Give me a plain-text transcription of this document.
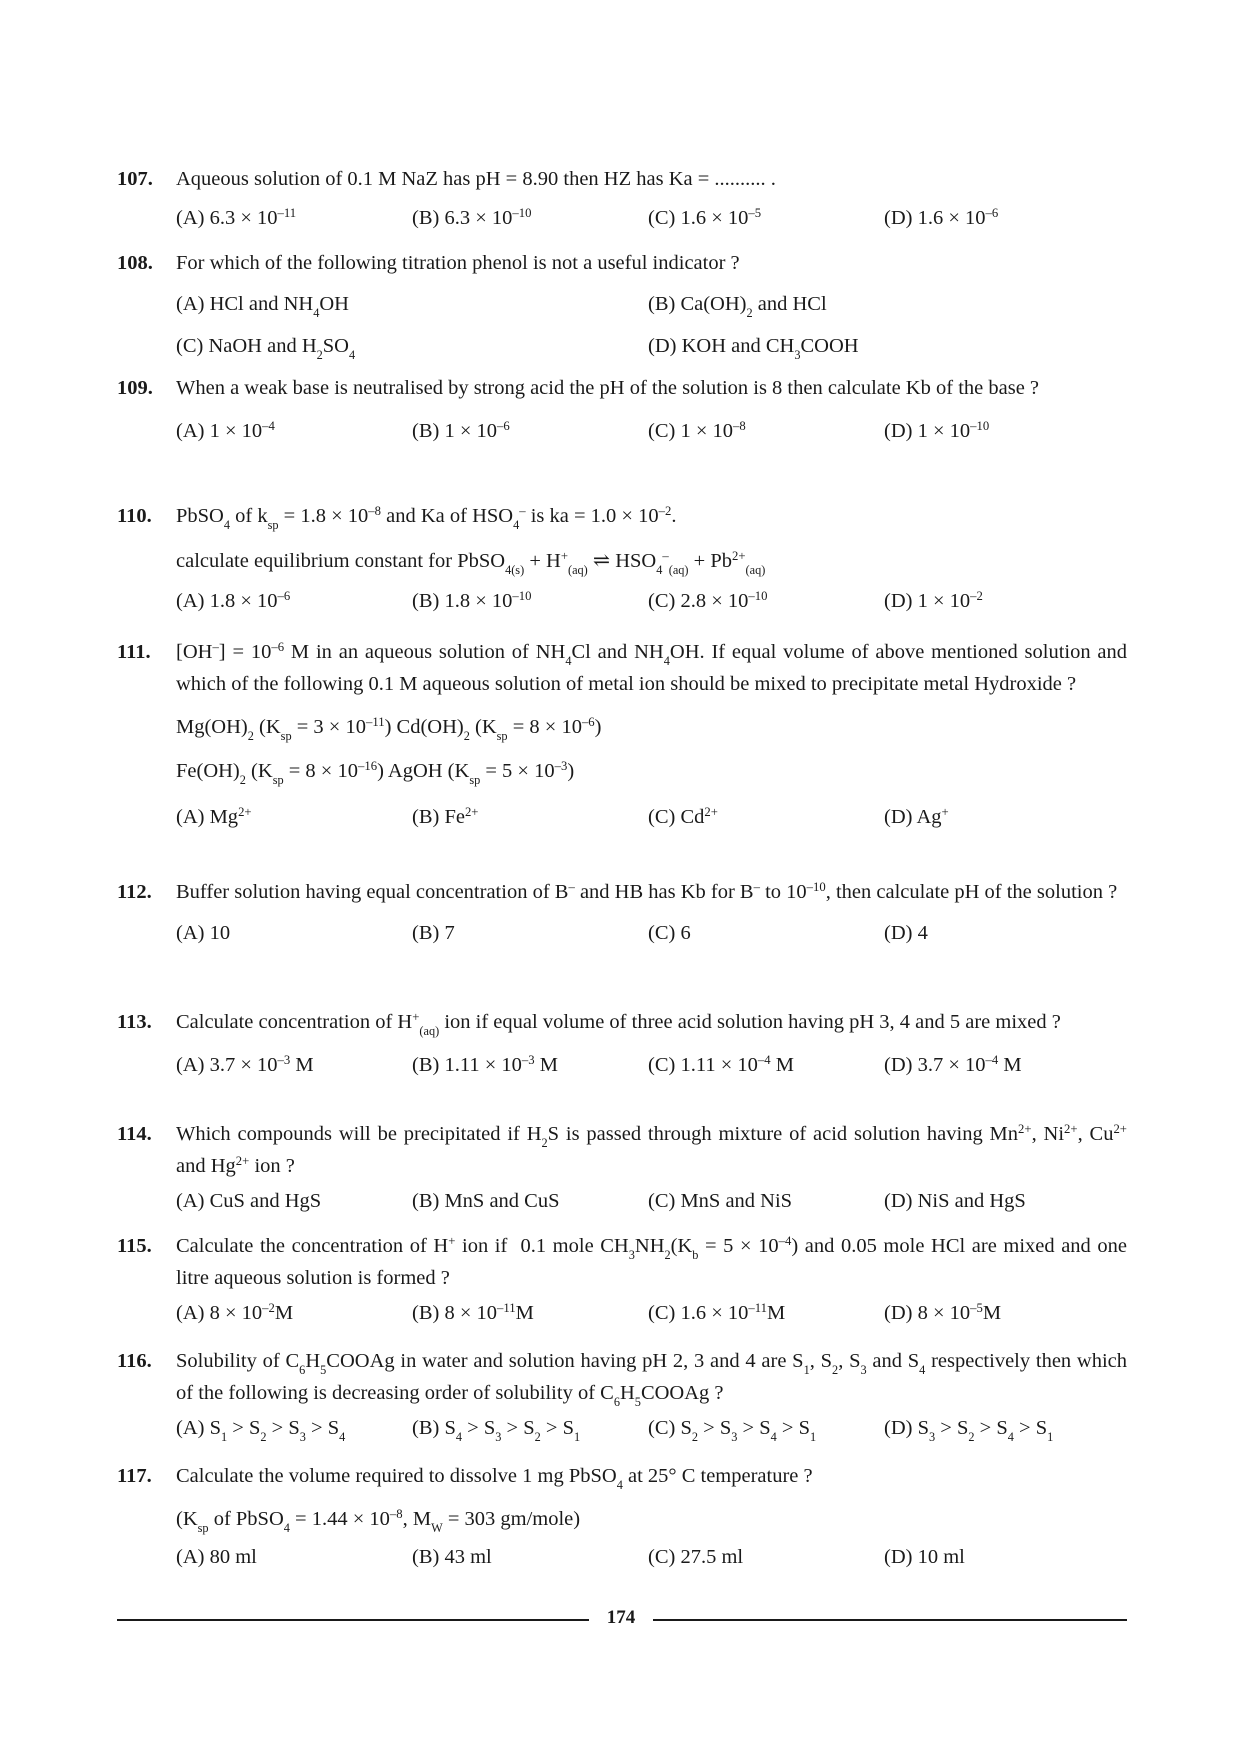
107. Aqueous solution of 0.1 M NaZ has pH = 8.90 then HZ has Ka = .......... .
(A) $6.3 \times 10^{-11}$	(B) $6.3 \times 10^{-10}$	(C) $1.6 \times 10^{-5}$	(D) $1.6 \times 10^{-6}$
108. For which of the following titration phenol is not a useful indicator ?
(A) HCl and $NH_4OH$	(B) $Ca(OH)_2$ and HCl
(C) NaOH and $H_2SO_4$	(D) KOH and $CH_3COOH$
109. When a weak base is neutralised by strong acid the pH of the solution is 8 then calculate Kb of the base ?
(A) $1 \times 10^{-4}$	(B) $1 \times 10^{-6}$	(C) $1 \times 10^{-8}$	(D) $1 \times 10^{-10}$
110. PbSO$_4$ of $k_{sp} = 1.8 \times 10^{-8}$ and Ka of $HSO_4^-$ is ka = $1.0 \times 10^{-2}$.
calculate equilibrium constant for PbSO$_{4(s)}$ + $H^+_{(aq)}$ ⇌ $HSO_4^-_{(aq)} + Pb^{2+}_{(aq)}$
(A) $1.8 \times 10^{-6}$	(B) $1.8 \times 10^{-10}$	(C) $2.8 \times 10^{-10}$	(D) $1 \times 10^{-2}$
111. $[OH^-] = 10^{-6}$ M in an aqueous solution of $NH_4Cl$ and $NH_4OH$. If equal volume of above mentioned solution and which of the following 0.1 M aqueous solution of metal ion should be mixed to precipitate metal Hydroxide ?
$Mg(OH)_2$ $(K_{sp} = 3 \times 10^{-11})$ $Cd(OH)_2$ $(K_{sp} = 8 \times 10^{-6})$
$Fe(OH)_2$ $(K_{sp} = 8 \times 10^{-16})$ AgOH $(K_{sp} = 5 \times 10^{-3})$
(A) $Mg^{2+}$	(B) $Fe^{2+}$	(C) $Cd^{2+}$	(D) Ag+
112. Buffer solution having equal concentration of B– and HB has Kb for B– to $10^{-10}$, then calculate pH of the solution ?
(A) 10	(B) 7	(C) 6	(D) 4
113. Calculate concentration of $H^+_{(aq)}$ ion if equal volume of three acid solution having pH 3, 4 and 5 are mixed ?
(A) $3.7 \times 10^{-3}$ M	(B) $1.11 \times 10^{-3}$ M	(C) $1.11 \times 10^{-4}$ M	(D) $3.7 \times 10^{-4}$ M
114. Which compounds will be precipitated if $H_2S$ is passed through mixture of acid solution having $Mn^{2+}$, $Ni^{2+}$, $Cu^{2+}$ and $Hg^{2+}$ ion ?
(A) CuS and HgS	(B) MnS and CuS	(C) MnS and NiS	(D) NiS and HgS
115. Calculate the concentration of H+ ion if  0.1 mole $CH_3NH_2(K_b = 5 \times 10^{-4})$ and 0.05 mole HCl are mixed and one litre aqueous solution is formed ?
(A) $8 \times 10^{-2}M$	(B) $8 \times 10^{-11}M$	(C) $1.6 \times 10^{-11}M$	(D) $8 \times 10^{-5}M$
116. Solubility of $C_6H_5COOAg$ in water and solution having pH 2, 3 and 4 are $S_1$, $S_2$, $S_3$ and $S_4$ respectively then which of the following is decreasing order of solubility of $C_6H_5COOAg$ ?
(A) $S_1 > S_2 > S_3 > S_4$	(B) $S_4 > S_3 > S_2 > S_1$	(C) $S_2 > S_3 > S_4 > S_1$	(D) $S_3 > S_2 > S_4 > S_1$
117. Calculate the volume required to dissolve 1 mg PbSO$_4$ at 25° C temperature ?
($K_{sp}$ of PbSO$_4$ = $1.44 \times 10^{-8}$, $M_W = 303$ gm/mole)
(A) 80 ml	(B) 43 ml	(C) 27.5 ml	(D) 10 ml
174
